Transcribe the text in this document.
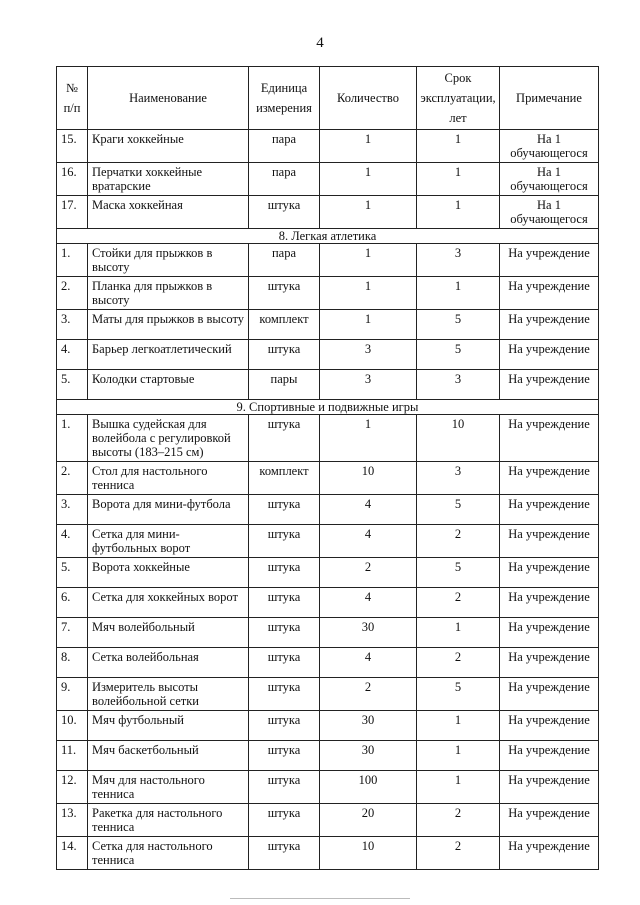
4
№ п/п	Наименование	Единица измерения	Количество	Срок эксплуатации, лет	Примечание
15.	Краги хоккейные	пара	1	1	На 1 обучающегося
16.	Перчатки хоккейные вратарские	пара	1	1	На 1 обучающегося
17.	Маска хоккейная	штука	1	1	На 1 обучающегося
8. Легкая атлетика					
1.	Стойки для прыжков в высоту	пара	1	3	На учреждение
2.	Планка для прыжков в высоту	штука	1	1	На учреждение
3.	Маты для прыжков в высоту	комплект	1	5	На учреждение
4.	Барьер легкоатлетический	штука	3	5	На учреждение
5.	Колодки стартовые	пары	3	3	На учреждение
9. Спортивные и подвижные игры					
1.	Вышка судейская для волейбола с регулировкой высоты (183–215 см)	штука	1	10	На учреждение
2.	Стол для настольного тенниса	комплект	10	3	На учреждение
3.	Ворота для мини-футбола	штука	4	5	На учреждение
4.	Сетка для мини-футбольных ворот	штука	4	2	На учреждение
5.	Ворота хоккейные	штука	2	5	На учреждение
6.	Сетка для хоккейных ворот	штука	4	2	На учреждение
7.	Мяч волейбольный	штука	30	1	На учреждение
8.	Сетка волейбольная	штука	4	2	На учреждение
9.	Измеритель высоты волейбольной сетки	штука	2	5	На учреждение
10.	Мяч футбольный	штука	30	1	На учреждение
11.	Мяч баскетбольный	штука	30	1	На учреждение
12.	Мяч для настольного тенниса	штука	100	1	На учреждение
13.	Ракетка для настольного тенниса	штука	20	2	На учреждение
14.	Сетка для настольного тенниса	штука	10	2	На учреждение
